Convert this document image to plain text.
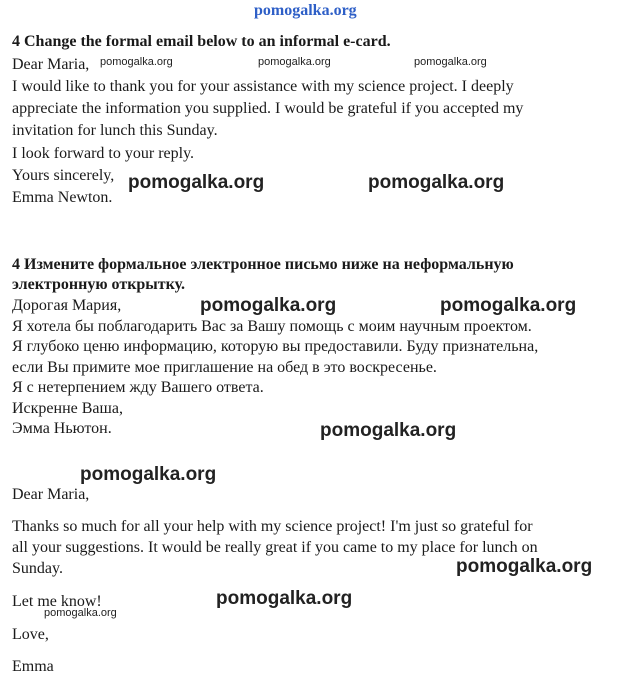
pomogalka.org
4 Change the formal email below to an informal e-card.
Dear Maria,
I would like to thank you for your assistance with my science project. I deeply
appreciate the information you supplied. I would be grateful if you accepted my
invitation for lunch this Sunday.
I look forward to your reply.
Yours sincerely,
Emma Newton.
pomogalka.org	pomogalka.org	pomogalka.org
pomogalka.org	pomogalka.org
4 Измените формальное электронное письмо ниже на неформальную
электронную открытку.
Дорогая Мария,
Я хотела бы поблагодарить Вас за Вашу помощь с моим научным проектом.
Я глубоко ценю информацию, которую вы предоставили. Буду признательна,
если Вы примите мое приглашение на обед в это воскресенье.
Я с нетерпением жду Вашего ответа.
Искренне Ваша,
Эмма Ньютон.
pomogalka.org	pomogalka.org
pomogalka.org
pomogalka.org
Dear Maria,
Thanks so much for all your help with my science project! I'm just so grateful for
all your suggestions. It would be really great if you came to my place for lunch on
Sunday.	pomogalka.org
Let me know!	pomogalka.org
pomogalka.org
Love,
Emma
